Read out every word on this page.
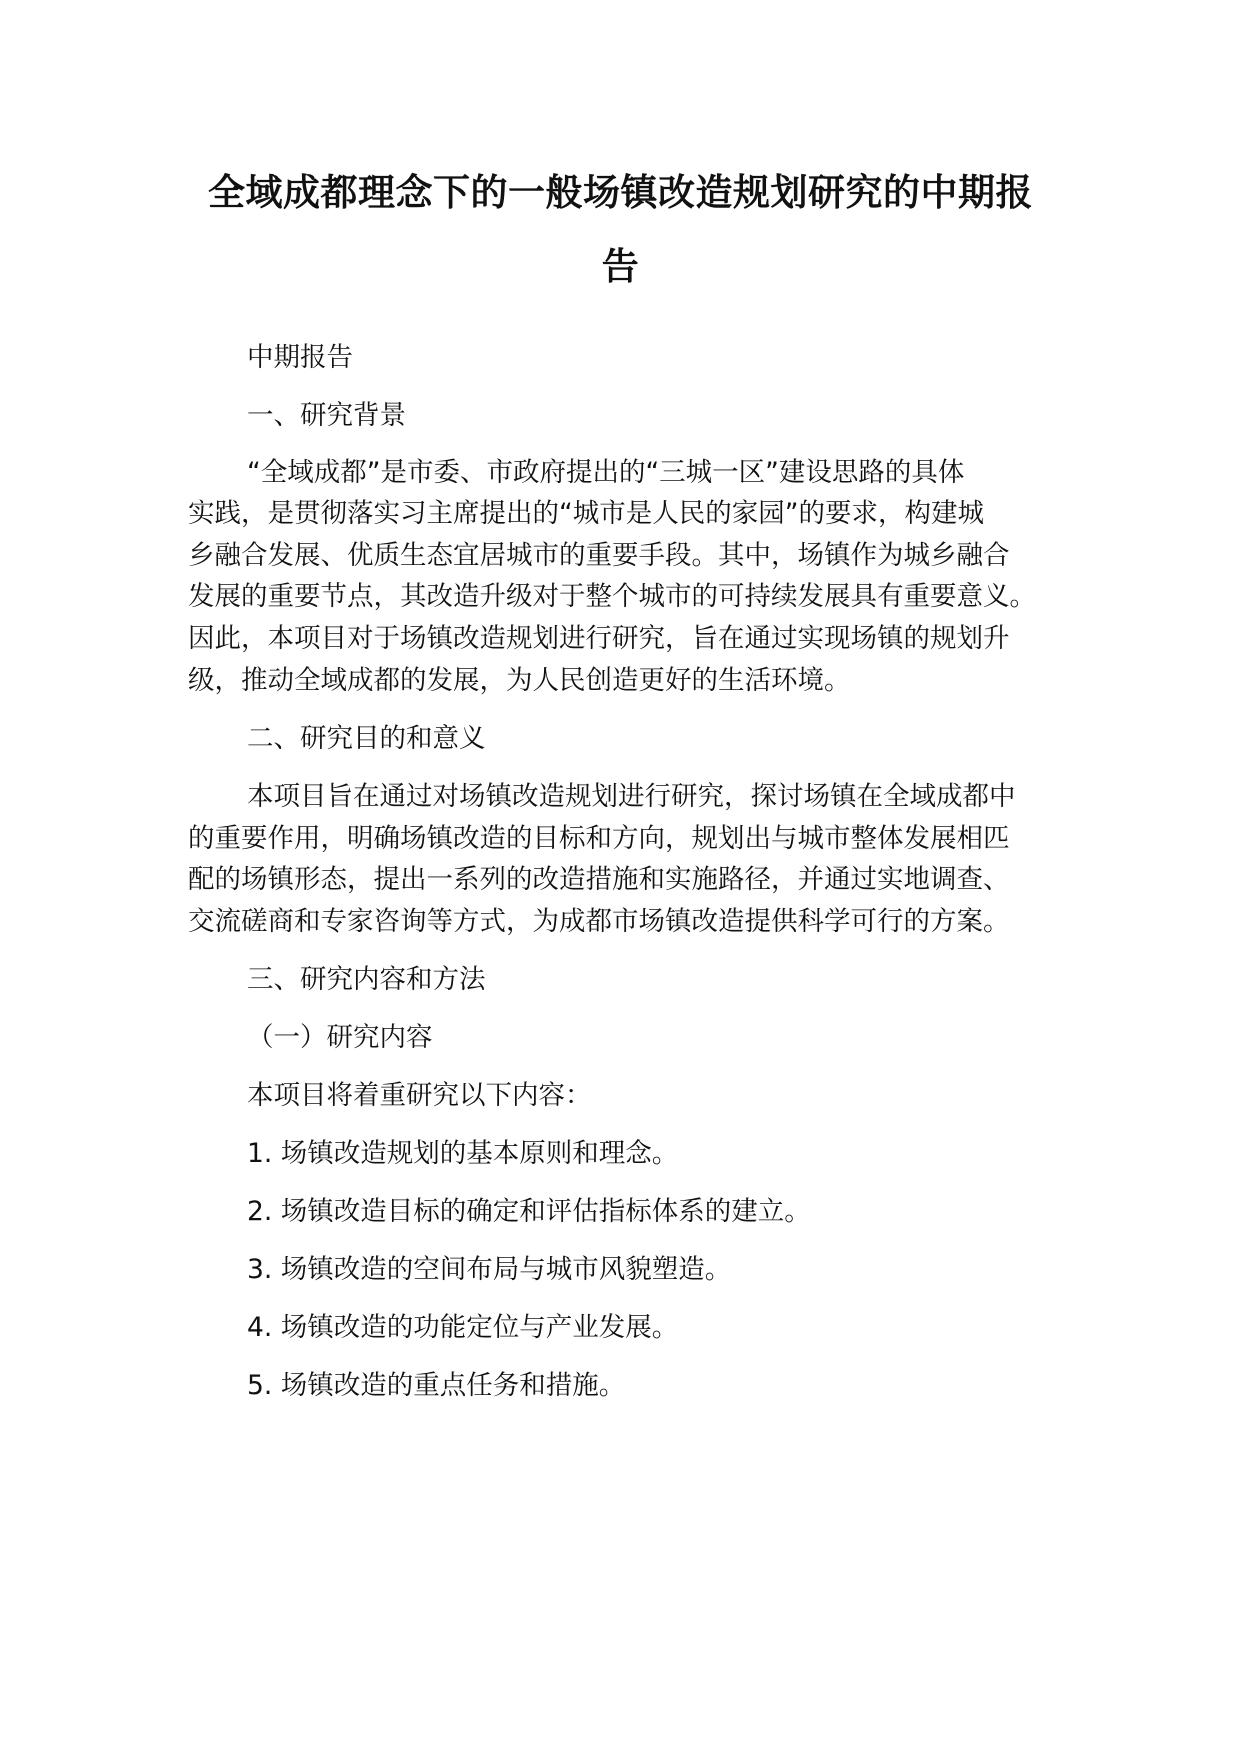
全域成都理念下的一般场镇改造规划研究的中期报
告
中期报告
一、研究背景
“全域成都”是市委、市政府提出的“三城一区”建设思路的具体
实践，是贯彻落实习主席提出的“城市是人民的家园”的要求，构建城
乡融合发展、优质生态宜居城市的重要手段。其中，场镇作为城乡融合
发展的重要节点，其改造升级对于整个城市的可持续发展具有重要意义。
因此，本项目对于场镇改造规划进行研究，旨在通过实现场镇的规划升
级，推动全域成都的发展，为人民创造更好的生活环境。
二、研究目的和意义
本项目旨在通过对场镇改造规划进行研究，探讨场镇在全域成都中
的重要作用，明确场镇改造的目标和方向，规划出与城市整体发展相匹
配的场镇形态，提出一系列的改造措施和实施路径，并通过实地调查、
交流磋商和专家咨询等方式，为成都市场镇改造提供科学可行的方案。
三、研究内容和方法
（一）研究内容
本项目将着重研究以下内容：
1. 场镇改造规划的基本原则和理念。
2. 场镇改造目标的确定和评估指标体系的建立。
3. 场镇改造的空间布局与城市风貌塑造。
4. 场镇改造的功能定位与产业发展。
5. 场镇改造的重点任务和措施。
